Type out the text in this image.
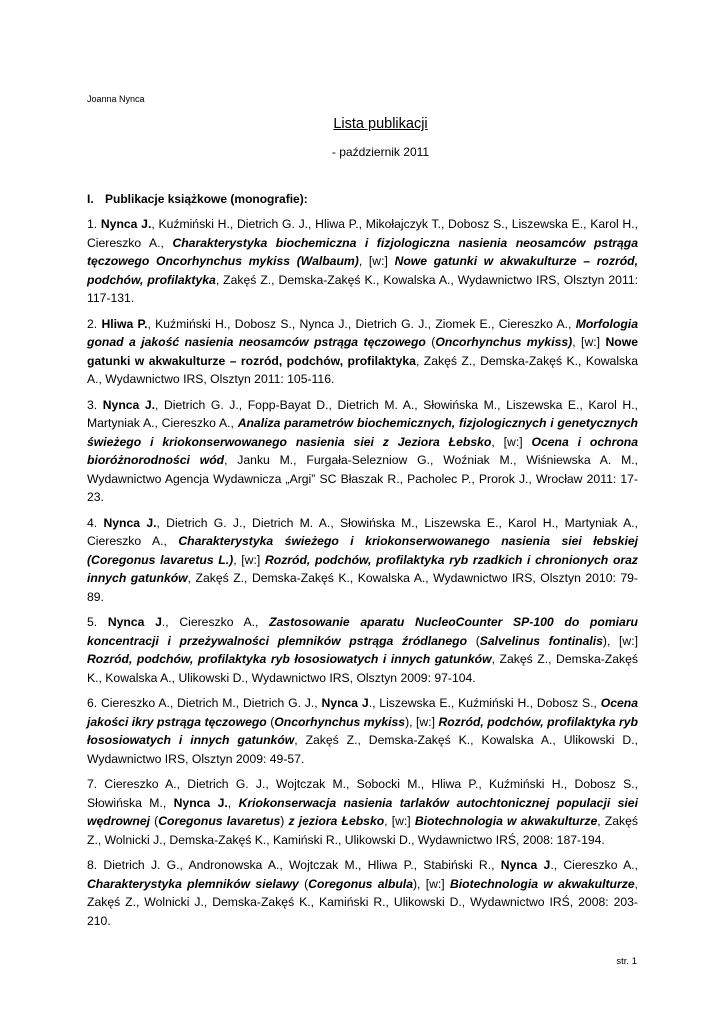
Joanna Nynca
Lista publikacji
- październik 2011
I. Publikacje książkowe (monografie):

1. Nynca J., Kuźmiński H., Dietrich G. J., Hliwa P., Mikołajczyk T., Dobosz S., Liszewska E., Karol H., Ciereszko A., Charakterystyka biochemiczna i fizjologiczna nasienia neosamców pstrąga tęczowego Oncorhynchus mykiss (Walbaum), [w:] Nowe gatunki w akwakulturze – rozród, podchów, profilaktyka, Zakęś Z., Demska-Zakęś K., Kowalska A., Wydawnictwo IRS, Olsztyn 2011: 117-131.

2. Hliwa P., Kuźmiński H., Dobosz S., Nynca J., Dietrich G. J., Ziomek E., Ciereszko A., Morfologia gonad a jakość nasienia neosamców pstrąga tęczowego (Oncorhynchus mykiss), [w:] Nowe gatunki w akwakulturze – rozród, podchów, profilaktyka, Zakęś Z., Demska-Zakęś K., Kowalska A., Wydawnictwo IRS, Olsztyn 2011: 105-116.

3. Nynca J., Dietrich G. J., Fopp-Bayat D., Dietrich M. A., Słowińska M., Liszewska E., Karol H., Martyniak A., Ciereszko A., Analiza parametrów biochemicznych, fizjologicznych i genetycznych świeżego i kriokonserwowanego nasienia siei z Jeziora Łebsko, [w:] Ocena i ochrona bioróżnorodności wód, Janku M., Furgała-Selezniow G., Woźniak M., Wiśniewska A. M., Wydawnictwo Agencja Wydawnicza „Argi” SC Błaszak R., Pacholec P., Prorok J., Wrocław 2011: 17-23.

4. Nynca J., Dietrich G. J., Dietrich M. A., Słowińska M., Liszewska E., Karol H., Martyniak A., Ciereszko A., Charakterystyka świeżego i kriokonserwowanego nasienia siei łebskiej (Coregonus lavaretus L.), [w:] Rozród, podchów, profilaktyka ryb rzadkich i chronionych oraz innych gatunków, Zakęś Z., Demska-Zakęś K., Kowalska A., Wydawnictwo IRS, Olsztyn 2010: 79-89.

5. Nynca J., Ciereszko A., Zastosowanie aparatu NucleoCounter SP-100 do pomiaru koncentracji i przeżywalności plemników pstrąga źródlanego (Salvelinus fontinalis), [w:] Rozród, podchów, profilaktyka ryb łososiowatych i innych gatunków, Zakęś Z., Demska-Zakęś K., Kowalska A., Ulikowski D., Wydawnictwo IRS, Olsztyn 2009: 97-104.

6. Ciereszko A., Dietrich M., Dietrich G. J., Nynca J., Liszewska E., Kuźmiński H., Dobosz S., Ocena jakości ikry pstrąga tęczowego (Oncorhynchus mykiss), [w:] Rozród, podchów, profilaktyka ryb łososiowatych i innych gatunków, Zakęś Z., Demska-Zakęś K., Kowalska A., Ulikowski D., Wydawnictwo IRS, Olsztyn 2009: 49-57.

7. Ciereszko A., Dietrich G. J., Wojtczak M., Sobocki M., Hliwa P., Kuźmiński H., Dobosz S., Słowińska M., Nynca J., Kriokonserwacja nasienia tarlaków autochtonicznej populacji siei wędrownej (Coregonus lavaretus) z jeziora Łebsko, [w:] Biotechnologia w akwakulturze, Zakęś Z., Wolnicki J., Demska-Zakęś K., Kamiński R., Ulikowski D., Wydawnictwo IRŚ, 2008: 187-194.

8. Dietrich J. G., Andronowska A., Wojtczak M., Hliwa P., Stabiński R., Nynca J., Ciereszko A., Charakterystyka plemników sielawy (Coregonus albula), [w:] Biotechnologia w akwakulturze, Zakęś Z., Wolnicki J., Demska-Zakęś K., Kamiński R., Ulikowski D., Wydawnictwo IRŚ, 2008: 203-210.

str. 1
